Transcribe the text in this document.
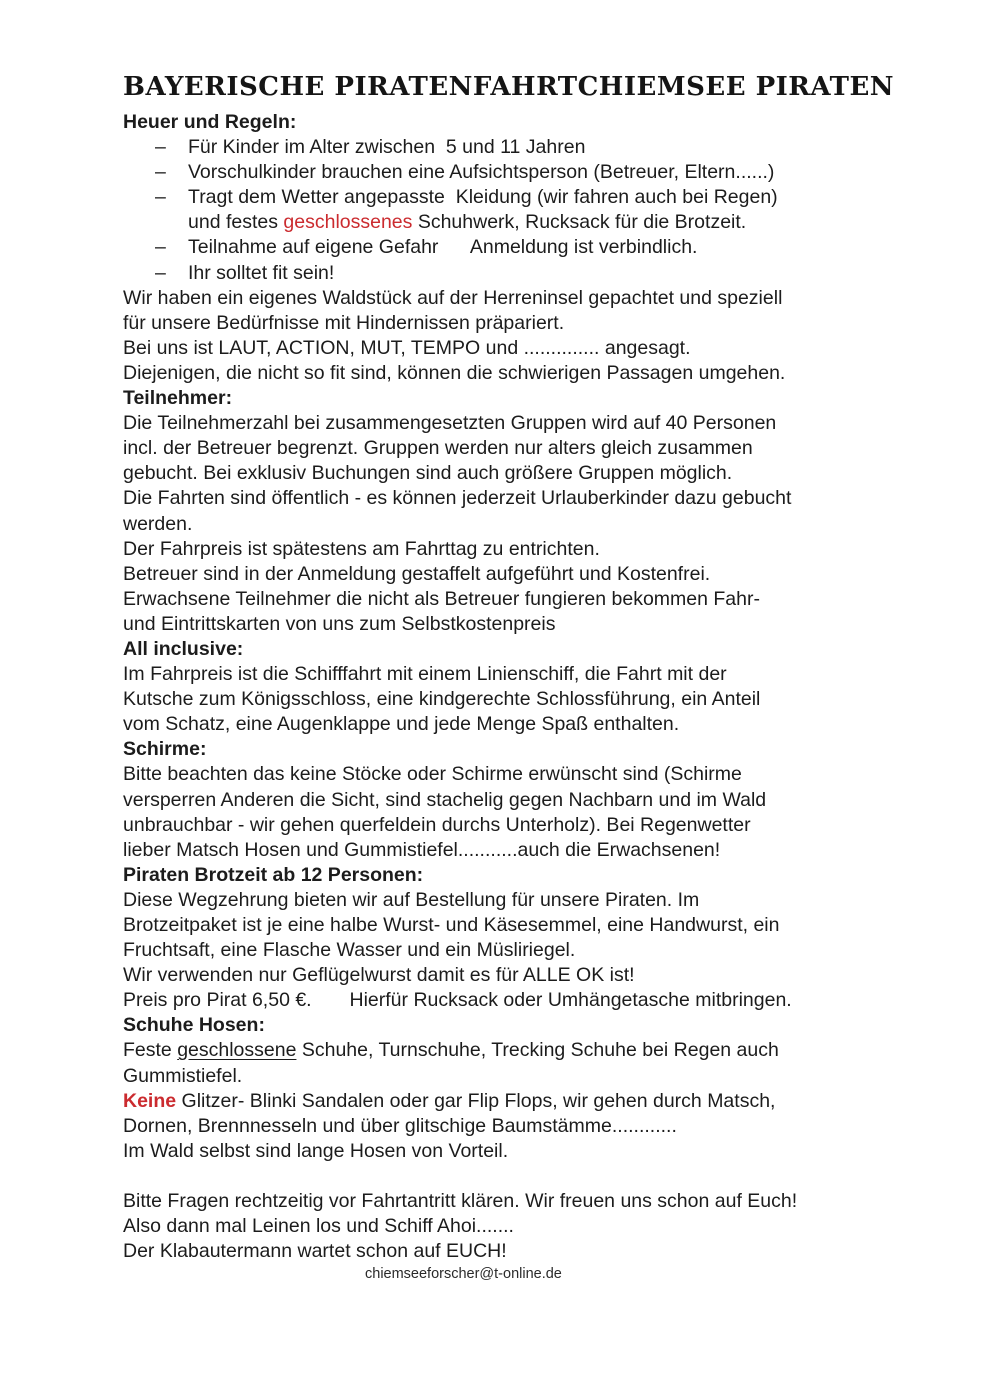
BAYERISCHE PIRATENFAHRT CHIEMSEE PIRATEN
Heuer und Regeln:
– Für Kinder im Alter zwischen  5 und 11 Jahren
– Vorschulkinder brauchen eine Aufsichtsperson (Betreuer, Eltern......)
– Tragt dem Wetter angepasste  Kleidung (wir fahren auch bei Regen)
und festes geschlossenes Schuhwerk, Rucksack für die Brotzeit.
– Teilnahme auf eigene Gefahr      Anmeldung ist verbindlich.
– Ihr solltet fit sein!
Wir haben ein eigenes Waldstück auf der Herreninsel gepachtet und speziell
für unsere Bedürfnisse mit Hindernissen präpariert.
Bei uns ist LAUT, ACTION, MUT, TEMPO und .............. angesagt.
Diejenigen, die nicht so fit sind, können die schwierigen Passagen umgehen.
Teilnehmer:
Die Teilnehmerzahl bei zusammengesetzten Gruppen wird auf 40 Personen
incl. der Betreuer begrenzt. Gruppen werden nur alters gleich zusammen
gebucht. Bei exklusiv Buchungen sind auch größere Gruppen möglich.
Die Fahrten sind öffentlich - es können jederzeit Urlauberkinder dazu gebucht
werden.
Der Fahrpreis ist spätestens am Fahrttag zu entrichten.
Betreuer sind in der Anmeldung gestaffelt aufgeführt und Kostenfrei.
Erwachsene Teilnehmer die nicht als Betreuer fungieren bekommen Fahr-
und Eintrittskarten von uns zum Selbstkostenpreis
All inclusive:
Im Fahrpreis ist die Schifffahrt mit einem Linienschiff, die Fahrt mit der
Kutsche zum Königsschloss, eine kindgerechte Schlossführung, ein Anteil
vom Schatz, eine Augenklappe und jede Menge Spaß enthalten.
Schirme:
Bitte beachten das keine Stöcke oder Schirme erwünscht sind (Schirme
versperren Anderen die Sicht, sind stachelig gegen Nachbarn und im Wald
unbrauchbar - wir gehen querfeldein durchs Unterholz). Bei Regenwetter
lieber Matsch Hosen und Gummistiefel...........auch die Erwachsenen!
Piraten Brotzeit ab 12 Personen:
Diese Wegzehrung bieten wir auf Bestellung für unsere Piraten. Im
Brotzeitpaket ist je eine halbe Wurst- und Käsesemmel, eine Handwurst, ein
Fruchtsaft, eine Flasche Wasser und ein Müsliriegel.
Wir verwenden nur Geflügelwurst damit es für ALLE OK ist!
Preis pro Pirat 6,50 €.       Hierfür Rucksack oder Umhängetasche mitbringen.
Schuhe Hosen:
Feste geschlossene Schuhe, Turnschuhe, Trecking Schuhe bei Regen auch
Gummistiefel.
Keine Glitzer- Blinki Sandalen oder gar Flip Flops, wir gehen durch Matsch,
Dornen, Brennnesseln und über glitschige Baumstämme............
Im Wald selbst sind lange Hosen von Vorteil.
Bitte Fragen rechtzeitig vor Fahrtantritt klären. Wir freuen uns schon auf Euch!
Also dann mal Leinen los und Schiff Ahoi.......
Der Klabautermann wartet schon auf EUCH!
chiemseeforscher@t-online.de
